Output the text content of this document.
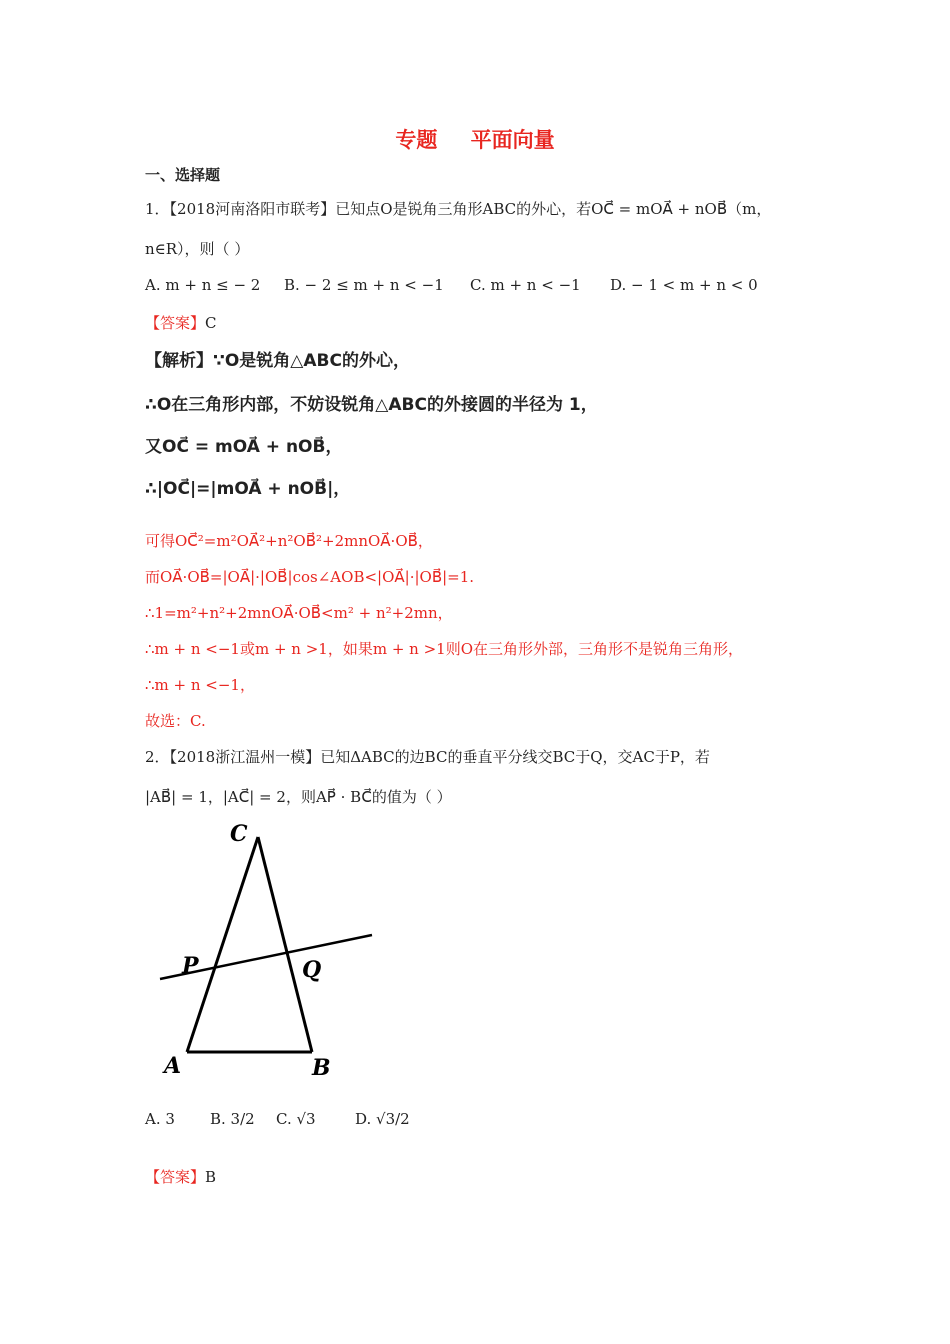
专题 平面向量
一、选择题
1．【2018河南洛阳市联考】已知点O是锐角三角形ABC的外心，若OC⃗ = mOA⃗ + nOB⃗（m，
n∈R），则（ ）
A. m + n ≤ − 2 B. − 2 ≤ m + n < −1 C. m + n < −1 D. − 1 < m + n < 0
【答案】C
【解析】∵O是锐角△ABC的外心，
∴O在三角形内部，不妨设锐角△ABC的外接圆的半径为 1，
又OC⃗ = mOA⃗ + nOB⃗，
∴|OC⃗|=|mOA⃗ + nOB⃗|，
可得OC⃗²=m²OA⃗²+n²OB⃗²+2mnOA⃗·OB⃗，
而OA⃗·OB⃗=|OA⃗|·|OB⃗|cos∠AOB<|OA⃗|·|OB⃗|=1.
∴1=m²+n²+2mnOA⃗·OB⃗<m² + n²+2mn，
∴m + n <−1或m + n >1，如果m + n >1则O在三角形外部，三角形不是锐角三角形，
∴m + n <−1，
故选：C.
2．【2018浙江温州一模】已知ΔABC的边BC的垂直平分线交BC于Q，交AC于P，若
|AB⃗| = 1，|AC⃗| = 2，则AP⃗ · BC⃗的值为（ ）
C
P	Q
A	B
A. 3 B. 3/2 C. √3	D. √3/2
【答案】B
